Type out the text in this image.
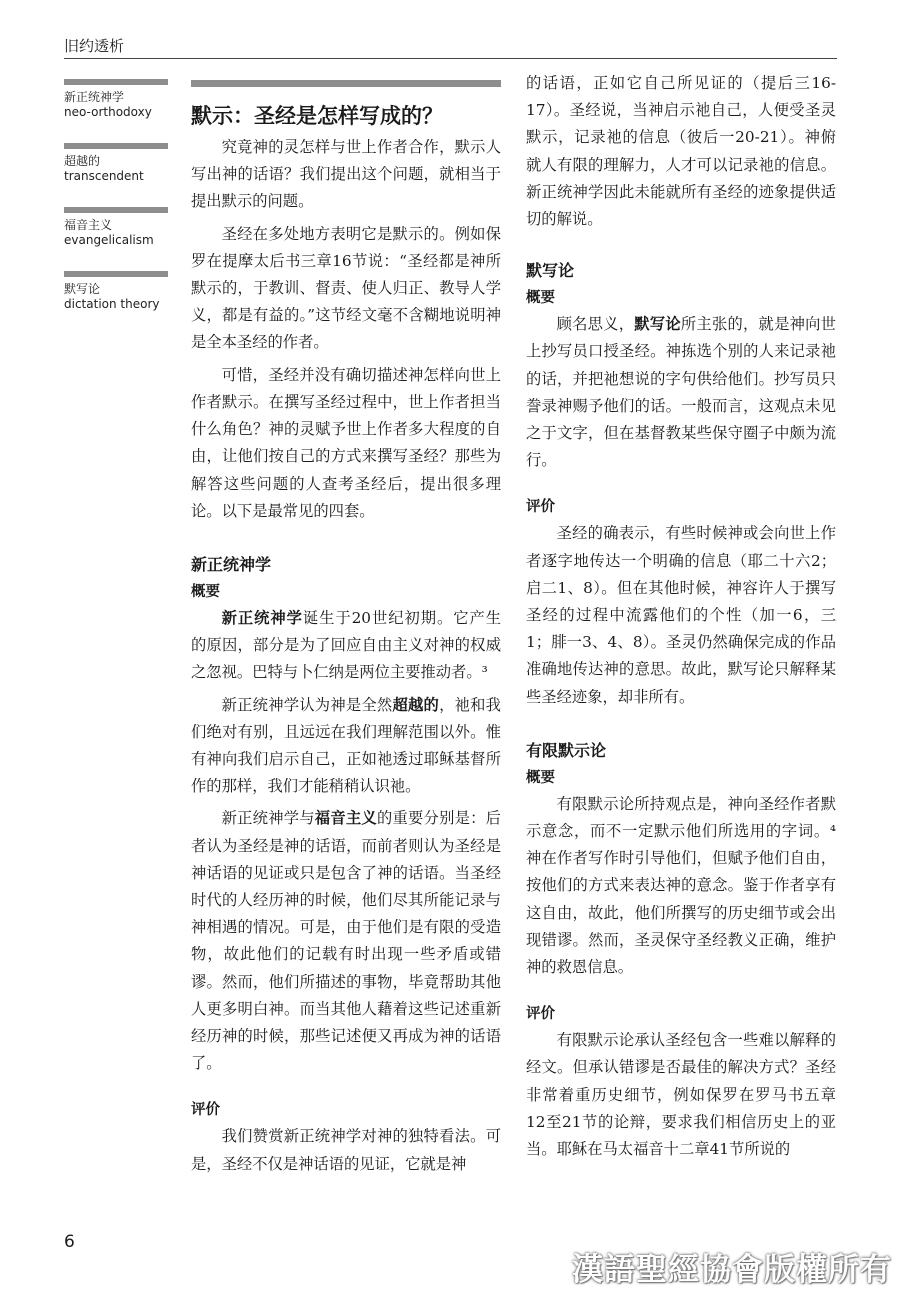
旧约透析
新正统神学
neo-orthodoxy
超越的
transcendent
福音主义
evangelicalism
默写论
dictation theory
默示：圣经是怎样写成的？

究竟神的灵怎样与世上作者合作，默示人写出神的话语？我们提出这个问题，就相当于提出默示的问题。

圣经在多处地方表明它是默示的。例如保罗在提摩太后书三章16节说：“圣经都是神所默示的，于教训、督责、使人归正、教导人学义，都是有益的。”这节经文毫不含糊地说明神是全本圣经的作者。

可惜，圣经并没有确切描述神怎样向世上作者默示。在撰写圣经过程中，世上作者担当什么角色？神的灵赋予世上作者多大程度的自由，让他们按自己的方式来撰写圣经？那些为解答这些问题的人查考圣经后，提出很多理论。以下是最常见的四套。

新正统神学
概要

新正统神学诞生于20世纪初期。它产生的原因，部分是为了回应自由主义对神的权威之忽视。巴特与卜仁纳是两位主要推动者。³

新正统神学认为神是全然超越的，祂和我们绝对有别，且远远在我们理解范围以外。惟有神向我们启示自己，正如祂透过耶稣基督所作的那样，我们才能稍稍认识祂。

新正统神学与福音主义的重要分别是：后者认为圣经是神的话语，而前者则认为圣经是神话语的见证或只是包含了神的话语。当圣经时代的人经历神的时候，他们尽其所能记录与神相遇的情况。可是，由于他们是有限的受造物，故此他们的记载有时出现一些矛盾或错谬。然而，他们所描述的事物，毕竟帮助其他人更多明白神。而当其他人藉着这些记述重新经历神的时候，那些记述便又再成为神的话语了。

评价

我们赞赏新正统神学对神的独特看法。可是，圣经不仅是神话语的见证，它就是神

的话语，正如它自己所见证的（提后三16-17）。圣经说，当神启示祂自己，人便受圣灵默示，记录祂的信息（彼后一20-21）。神俯就人有限的理解力，人才可以记录祂的信息。新正统神学因此未能就所有圣经的迹象提供适切的解说。

默写论
概要

顾名思义，默写论所主张的，就是神向世上抄写员口授圣经。神拣选个别的人来记录祂的话，并把祂想说的字句供给他们。抄写员只誊录神赐予他们的话。一般而言，这观点未见之于文字，但在基督教某些保守圈子中颇为流行。

评价

圣经的确表示，有些时候神或会向世上作者逐字地传达一个明确的信息（耶二十六2；启二1、8）。但在其他时候，神容许人于撰写圣经的过程中流露他们的个性（加一6，三1；腓一3、4、8）。圣灵仍然确保完成的作品准确地传达神的意思。故此，默写论只解释某些圣经迹象，却非所有。

有限默示论
概要

有限默示论所持观点是，神向圣经作者默示意念，而不一定默示他们所选用的字词。⁴神在作者写作时引导他们，但赋予他们自由，按他们的方式来表达神的意念。鉴于作者享有这自由，故此，他们所撰写的历史细节或会出现错谬。然而，圣灵保守圣经教义正确，维护神的救恩信息。

评价

有限默示论承认圣经包含一些难以解释的经文。但承认错谬是否最佳的解决方式？圣经非常着重历史细节，例如保罗在罗马书五章12至21节的论辩，要求我们相信历史上的亚当。耶稣在马太福音十二章41节所说的

6
漢語聖經協會版權所有
